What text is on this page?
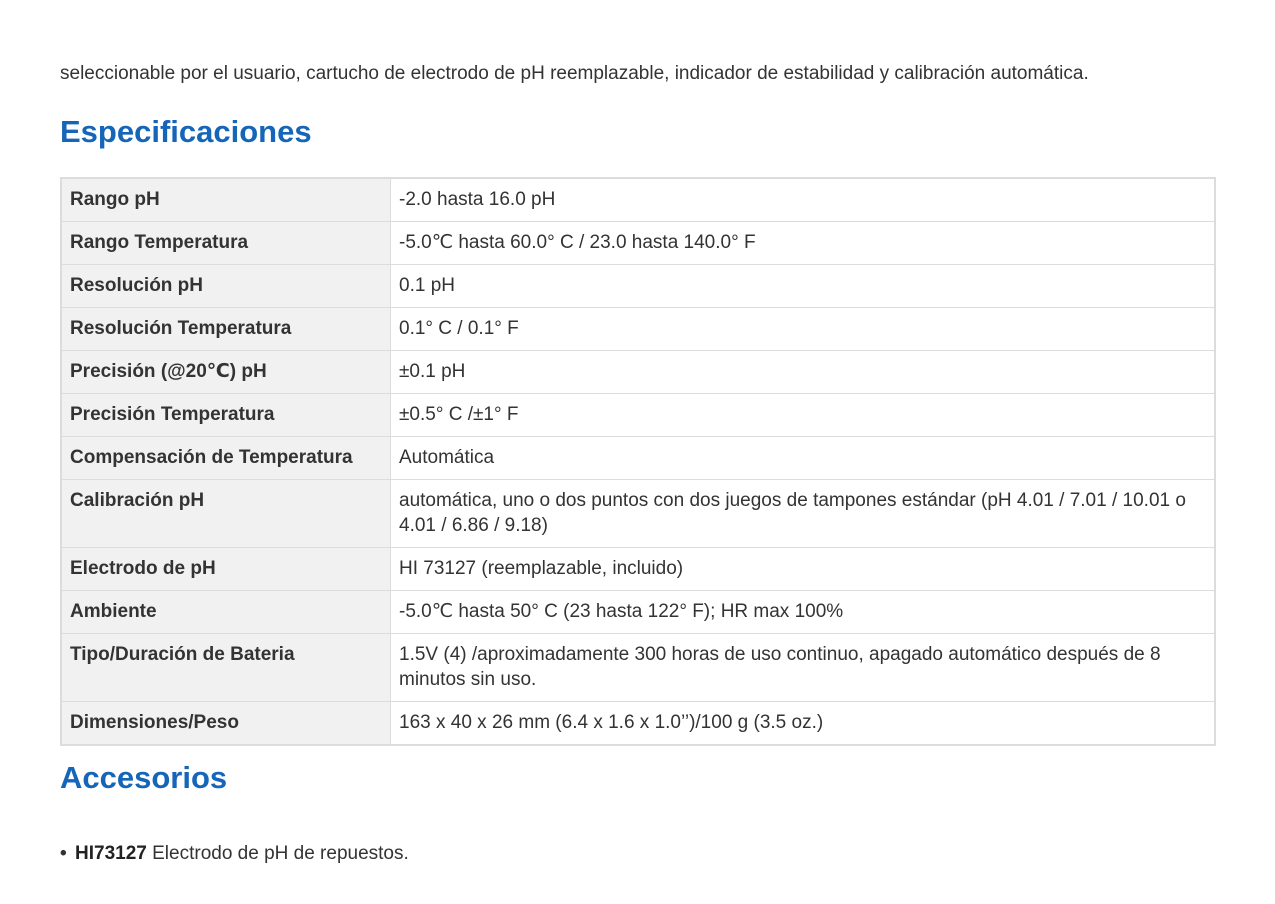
seleccionable por el usuario, cartucho de electrodo de pH reemplazable, indicador de estabilidad y calibración automática.
Especificaciones
Rango pH	-2.0 hasta 16.0 pH
Rango Temperatura	-5.0℃ hasta 60.0° C / 23.0 hasta 140.0° F
Resolución pH	0.1 pH
Resolución Temperatura	0.1° C / 0.1° F
Precisión (@20℃) pH	±0.1 pH
Precisión Temperatura	±0.5° C /±1° F
Compensación de Temperatura	Automática
Calibración pH	automática, uno o dos puntos con dos juegos de tampones estándar (pH 4.01 / 7.01 / 10.01 o 4.01 / 6.86 / 9.18)
Electrodo de pH	HI 73127 (reemplazable, incluido)
Ambiente	-5.0℃ hasta 50° C (23 hasta 122° F); HR max 100%
Tipo/Duración de Bateria	1.5V (4) /aproximadamente 300 horas de uso continuo, apagado automático después de 8 minutos sin uso.
Dimensiones/Peso	163 x 40 x 26 mm (6.4 x 1.6 x 1.0’’)/100 g (3.5 oz.)
Accesorios
• HI73127 Electrodo de pH de repuestos.
